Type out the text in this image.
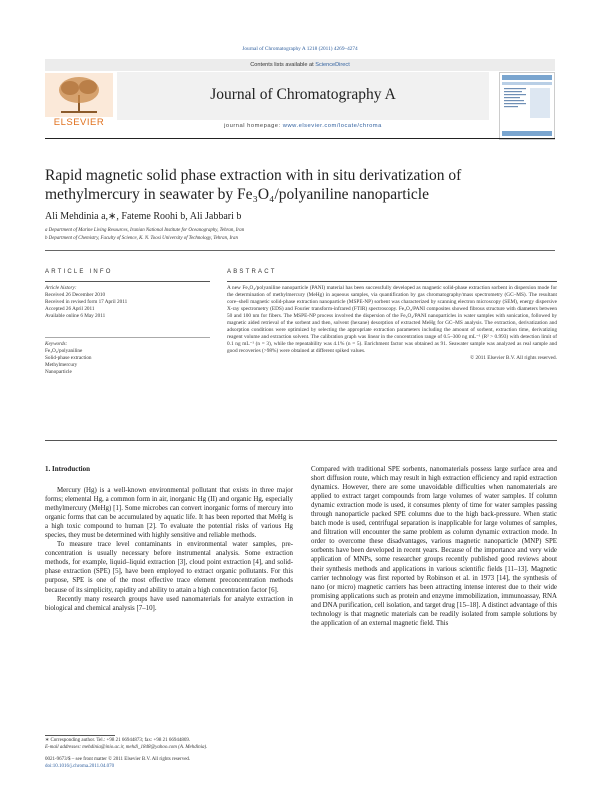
Journal of Chromatography A 1218 (2011) 4269–4274
Contents lists available at ScienceDirect
ELSEVIER
Journal of Chromatography A
journal homepage: www.elsevier.com/locate/chroma
Rapid magnetic solid phase extraction with in situ derivatization of
methylmercury in seawater by Fe₃O₄/polyaniline nanoparticle
Ali Mehdinia a,∗, Fateme Roohi b, Ali Jabbari b
a Department of Marine Living Resources, Iranian National Institute for Oceanography, Tehran, Iran
b Department of Chemistry, Faculty of Science, K. N. Toosi University of Technology, Tehran, Iran
ARTICLE INFO
Article history:
Received 26 December 2010
Received in revised form 17 April 2011
Accepted 26 April 2011
Available online 6 May 2011
Keywords:
Fe₃O₄/polyaniline
Solid-phase extraction
Methylmercury
Nanoparticle
ABSTRACT
A new Fe₃O₄/polyaniline nanoparticle (PANI) material has been successfully developed as magnetic solid-phase extraction sorbent in dispersion mode for the determination of methylmercury (MeHg) in aqueous samples, via quantification by gas chromatography/mass spectrometry (GC–MS). The resultant core–shell magnetic solid-phase extraction nanoparticle (MSPE-NP) sorbent was characterized by scanning electron microscopy (SEM), energy dispersive X-ray spectrometry (EDS) and Fourier transform-infrared (FTIR) spectroscopy. Fe₃O₄/PANI composites showed fibrous structure with diameters between 50 and 100 nm for fibers. The MSPE-NP process involved the dispersion of the Fe₃O₄/PANI nanoparticles in water samples with sonication, followed by magnetic aided retrieval of the sorbent and then, solvent (hexane) desorption of extracted MeHg for GC–MS analysis. The extraction, derivatization and adsorption conditions were optimized by selecting the appropriate extraction parameters including the amount of sorbent, extraction time, derivatizing reagent volume and extraction solvent. The calibration graph was linear in the concentration range of 0.5–300 ng mL⁻¹ (R² > 0.993) with detection limit of 0.1 ng mL⁻¹ (n = 3), while the repeatability was 4.1% (n = 5). Enrichment factor was obtained as 91. Seawater sample was analyzed as real sample and good recoveries (>98%) were obtained at different spiked values.
© 2011 Elsevier B.V. All rights reserved.
1. Introduction
Mercury (Hg) is a well-known environmental pollutant that exists in three major forms; elemental Hg, a common form in air, inorganic Hg (II) and organic Hg, especially methylmercury (MeHg) [1]. Some microbes can convert inorganic forms of mercury into organic forms that can be accumulated by aquatic life. It has been reported that MeHg is a high toxic compound to human [2]. To evaluate the potential risks of various Hg species, they must be determined with highly sensitive and reliable methods.
To measure trace level contaminants in environmental water samples, pre-concentration is usually necessary before instrumental analysis. Some extraction methods, for example, liquid–liquid extraction [3], cloud point extraction [4], and solid-phase extraction (SPE) [5], have been employed to extract organic pollutants. For this purpose, SPE is one of the most effective trace element preconcentration methods because of its simplicity, rapidity and ability to attain a high concentration factor [6].
Recently many research groups have used nanomaterials for analyte extraction in biological and chemical analysis [7–10].
Compared with traditional SPE sorbents, nanomaterials possess large surface area and short diffusion route, which may result in high extraction efficiency and rapid extraction dynamics. However, there are some unavoidable difficulties when nanomaterials are applied to extract target compounds from large volumes of water samples. If column dynamic extraction mode is used, it consumes plenty of time for water samples passing through nanoparticle packed SPE columns due to the high back-pressure. When static batch mode is used, centrifugal separation is inapplicable for large volumes of samples, and filtration will encounter the same problem as column dynamic extraction mode. In order to overcome these disadvantages, various magnetic nanoparticle (MNP) SPE sorbents have been developed in recent years. Because of the importance and very wide application of MNPs, some researcher groups recently published good reviews about their synthesis methods and applications in various scientific fields [11–13]. Magnetic carrier technology was first reported by Robinson et al. in 1973 [14], the synthesis of nano (or micro) magnetic carriers has been attracting intense interest due to their wide promising applications such as protein and enzyme immobilization, immunoassay, RNA and DNA purification, cell isolation, and target drug [15–18]. A distinct advantage of this technology is that magnetic materials can be readily isolated from sample solutions by the application of an external magnetic field. This
∗ Corresponding author. Tel.: +98 21 66944873; fax: +98 21 66944869.
E-mail addresses: mehdinia@inio.ac.ir, mehdi_1848@yahoo.com (A. Mehdinia).
0021-9673/$ – see front matter © 2011 Elsevier B.V. All rights reserved.
doi:10.1016/j.chroma.2011.04.070
